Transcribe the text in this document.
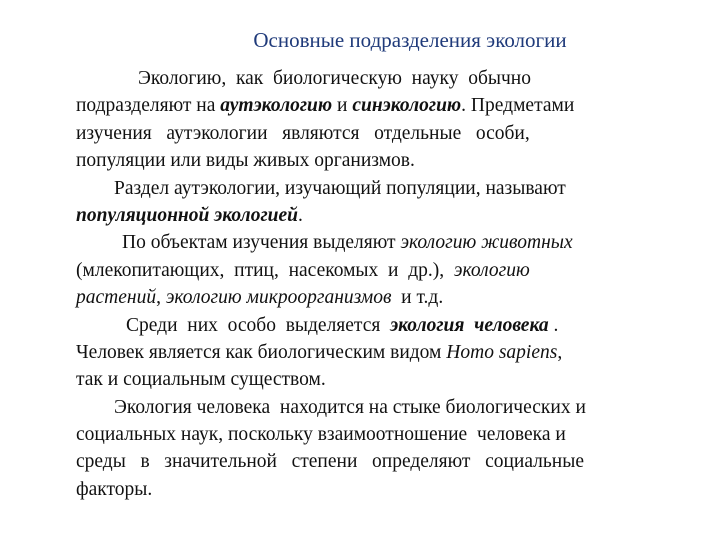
Основные подразделения экологии
Экологию,  как  биологическую  науку  обычно
подразделяют на аутэкологию и синэкологию. Предметами
изучения   аутэкологии   являются   отдельные   особи,
популяции или виды живых организмов.
Раздел аутэкологии, изучающий популяции, называют
популяционной экологией.
По объектам изучения выделяют экологию животных
(млекопитающих,  птиц,  насекомых  и  др.),  экологию
растений, экологию микроорганизмов  и т.д.
Среди  них  особо  выделяется  экология  человека .
Человек является как биологическим видом Homo sapiens,
так и социальным существом.
Экология человека  находится на стыке биологических и
социальных наук, поскольку взаимоотношение  человека и
среды   в   значительной   степени   определяют   социальные
факторы.
